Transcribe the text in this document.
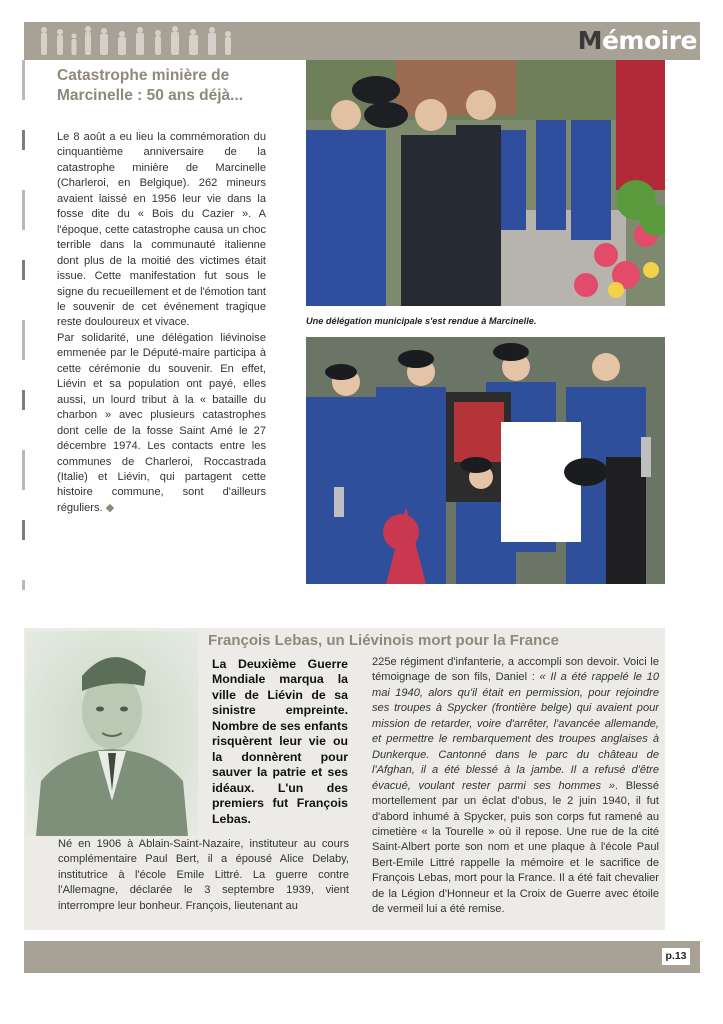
Mémoire
Catastrophe minière de Marcinelle : 50 ans déjà...

Le 8 août a eu lieu la commémoration du cinquantième anniversaire de la catastrophe minière de Marcinelle (Charleroi, en Belgique). 262 mineurs avaient laissé en 1956 leur vie dans la fosse dite du « Bois du Cazier ». A l'époque, cette catastrophe causa un choc terrible dans la communauté italienne dont plus de la moitié des victimes était issue. Cette manifestation fut sous le signe du recueillement et de l'émotion tant le souvenir de cet événement tragique reste douloureux et vivace.

Par solidarité, une délégation liévinoise emmenée par le Député-maire participa à cette cérémonie du souvenir. En effet, Liévin et sa population ont payé, elles aussi, un lourd tribut à la « bataille du charbon » avec plusieurs catastrophes dont celle de la fosse Saint Amé le 27 décembre 1974. Les contacts entre les communes de Charleroi, Roccastrada (Italie) et Liévin, qui partagent cette histoire commune, sont d'ailleurs réguliers. ◆

Une délégation municipale s'est rendue à Marcinelle.
François Lebas, un Liévinois mort pour la France

La Deuxième Guerre Mondiale marqua la ville de Liévin de sa sinistre empreinte. Nombre de ses enfants risquèrent leur vie ou la donnèrent pour sauver la patrie et ses idéaux. L'un des premiers fut François Lebas.

Né en 1906 à Ablain-Saint-Nazaire, instituteur au cours complémentaire Paul Bert, il a épousé Alice Delaby, institutrice à l'école Emile Littré. La guerre contre l'Allemagne, déclarée le 3 septembre 1939, vient interrompre leur bonheur. François, lieutenant au

225e régiment d'infanterie, a accompli son devoir. Voici le témoignage de son fils, Daniel : « Il a été rappelé le 10 mai 1940, alors qu'il était en permission, pour rejoindre ses troupes à Spycker (frontière belge) qui avaient pour mission de retarder, voire d'arrêter, l'avancée allemande, et permettre le rembarquement des troupes anglaises à Dunkerque. Cantonné dans le parc du château de l'Afghan, il a été blessé à la jambe. Il a refusé d'être évacué, voulant rester parmi ses hommes ». Blessé mortellement par un éclat d'obus, le 2 juin 1940, il fut d'abord inhumé à Spycker, puis son corps fut ramené au cimetière « la Tourelle » où il repose. Une rue de la cité Saint-Albert porte son nom et une plaque à l'école Paul Bert-Emile Littré rappelle la mémoire et le sacrifice de François Lebas, mort pour la France. Il a été fait chevalier de la Légion d'Honneur et la Croix de Guerre avec étoile de vermeil lui a été remise.

p.13
